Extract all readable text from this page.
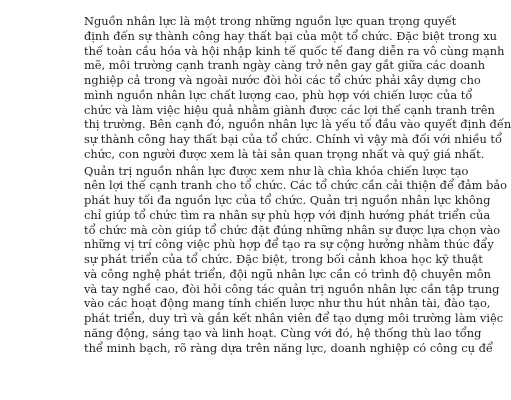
Nguồn nhân lực là một trong những nguồn lực quan trọng quyết
định đến sự thành công hay thất bại của một tổ chức. Đặc biệt trong xu
thế toàn cầu hóa và hội nhập kinh tế quốc tế đang diễn ra vô cùng mạnh
mẽ, môi trường cạnh tranh ngày càng trở nên gay gắt giữa các doanh
nghiệp cả trong và ngoài nước đòi hỏi các tổ chức phải xây dựng cho
mình nguồn nhân lực chất lượng cao, phù hợp với chiến lược của tổ
chức và làm việc hiệu quả nhằm giành được các lợi thế cạnh tranh trên
thị trường. Bên cạnh đó, nguồn nhân lực là yếu tố đầu vào quyết định đến
sự thành công hay thất bại của tổ chức. Chính vì vậy mà đối với nhiều tổ
chức, con người được xem là tài sản quan trọng nhất và quý giá nhất.

Quản trị nguồn nhân lực được xem như là chìa khóa chiến lược tạo
nên lợi thế cạnh tranh cho tổ chức. Các tổ chức cần cải thiện để đảm bảo
phát huy tối đa nguồn lực của tổ chức. Quản trị nguồn nhân lực không
chỉ giúp tổ chức tìm ra nhân sự phù hợp với định hướng phát triển của
tổ chức mà còn giúp tổ chức đặt đúng những nhân sự được lựa chọn vào
những vị trí công việc phù hợp để tạo ra sự cộng hưởng nhằm thúc đẩy
sự phát triển của tổ chức. Đặc biệt, trong bối cảnh khoa học kỹ thuật
và công nghệ phát triển, đội ngũ nhân lực cần có trình độ chuyên môn
và tay nghề cao, đòi hỏi công tác quản trị nguồn nhân lực cần tập trung
vào các hoạt động mang tính chiến lược như thu hút nhân tài, đào tạo,
phát triển, duy trì và gắn kết nhân viên để tạo dựng môi trường làm việc
năng động, sáng tạo và linh hoạt. Cùng với đó, hệ thống thù lao tổng
thể minh bạch, rõ ràng dựa trên năng lực, doanh nghiệp có công cụ để
